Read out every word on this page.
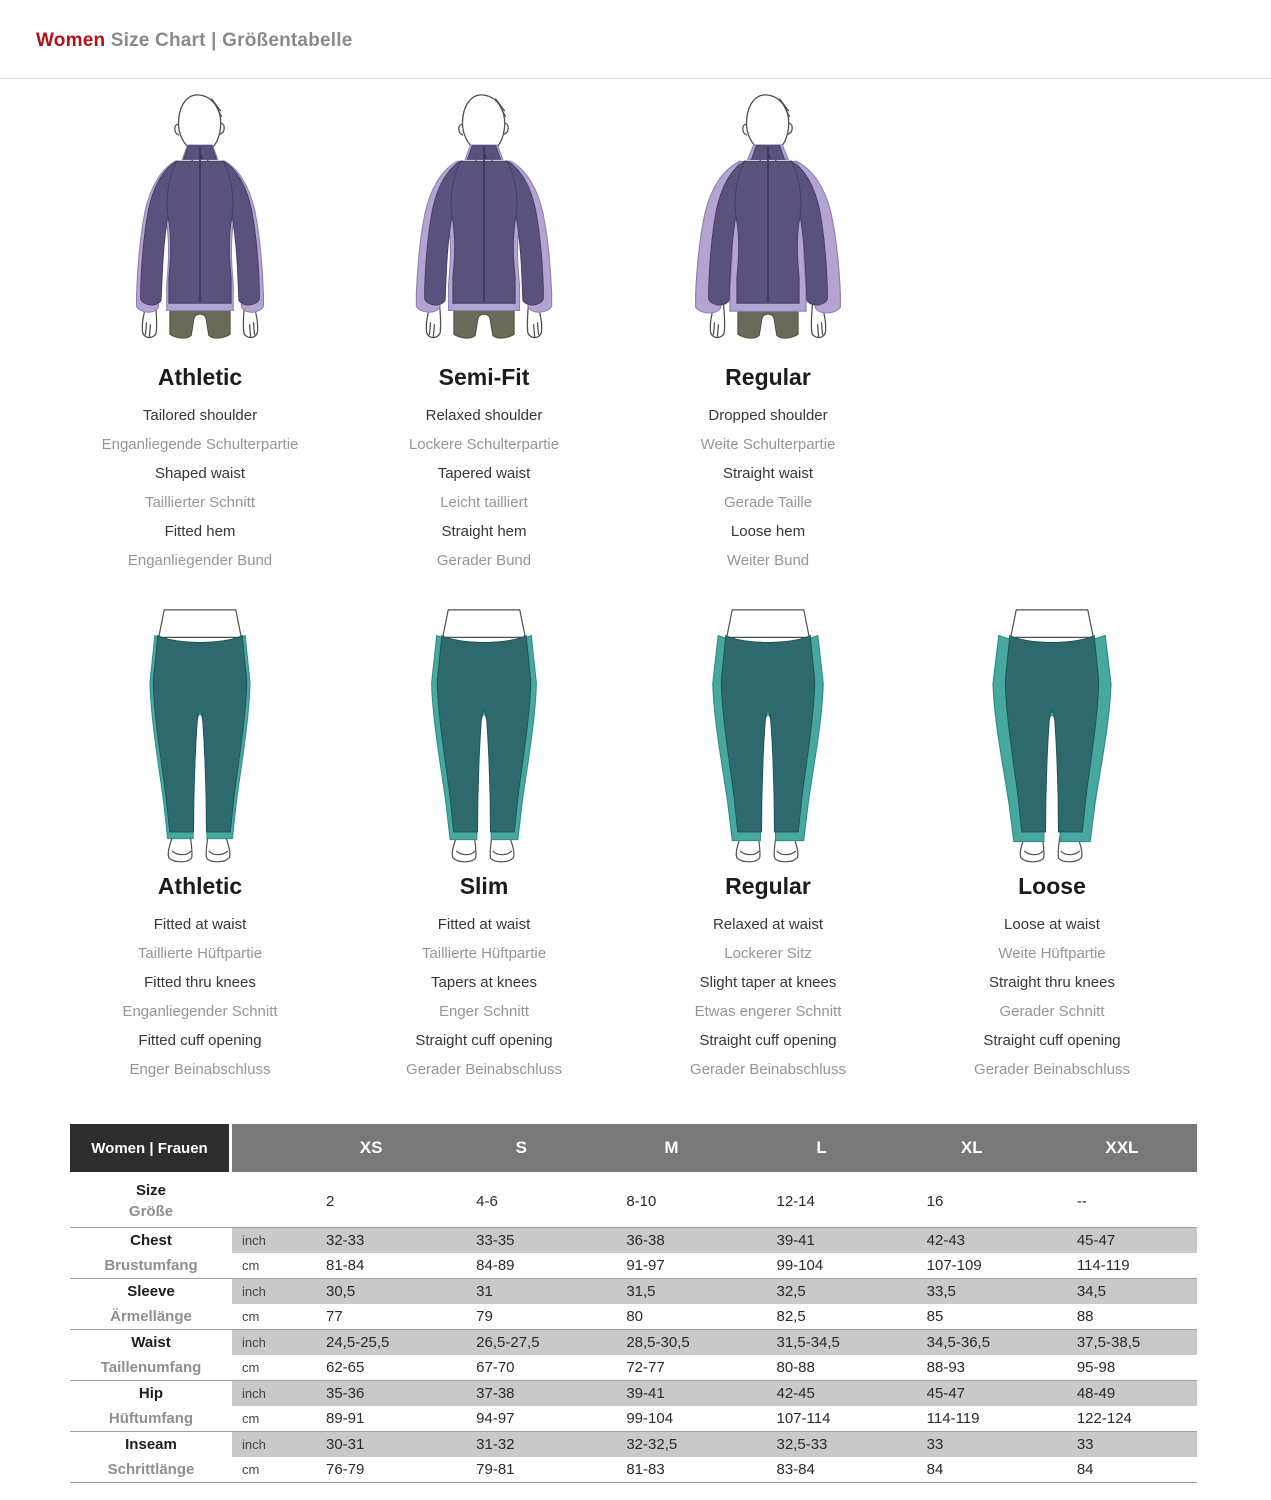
Women Size Chart | Größentabelle
Athletic

Tailored shoulder

Enganliegende Schulterpartie

Shaped waist

Taillierter Schnitt

Fitted hem

Enganliegender Bund

Semi-Fit

Relaxed shoulder

Lockere Schulterpartie

Tapered waist

Leicht tailliert

Straight hem

Gerader Bund

Regular

Dropped shoulder

Weite Schulterpartie

Straight waist

Gerade Taille

Loose hem

Weiter Bund

Athletic

Fitted at waist

Taillierte Hüftpartie

Fitted thru knees

Enganliegender Schnitt

Fitted cuff opening

Enger Beinabschluss

Slim

Fitted at waist

Taillierte Hüftpartie

Tapers at knees

Enger Schnitt

Straight cuff opening

Gerader Beinabschluss

Regular

Relaxed at waist

Lockerer Sitz

Slight taper at knees

Etwas engerer Schnitt

Straight cuff opening

Gerader Beinabschluss

Loose

Loose at waist

Weite Hüftpartie

Straight thru knees

Gerader Schnitt

Straight cuff opening

Gerader Beinabschluss

Women | Frauen	XS	S	M	L	XL	XXL
Size
Größe
2	4-6	8-10	12-14	16	--
Chest	inch	32-33	33-35	36-38	39-41	42-43	45-47
Brustumfang	cm	81-84	84-89	91-97	99-104	107-109	114-119
Sleeve	inch	30,5	31	31,5	32,5	33,5	34,5
Ärmellänge	cm	77	79	80	82,5	85	88
Waist	inch	24,5-25,5	26,5-27,5	28,5-30,5	31,5-34,5	34,5-36,5	37,5-38,5
Taillenumfang	cm	62-65	67-70	72-77	80-88	88-93	95-98
Hip	inch	35-36	37-38	39-41	42-45	45-47	48-49
Hüftumfang	cm	89-91	94-97	99-104	107-114	114-119	122-124
Inseam	inch	30-31	31-32	32-32,5	32,5-33	33	33
Schrittlänge	cm	76-79	79-81	81-83	83-84	84	84
